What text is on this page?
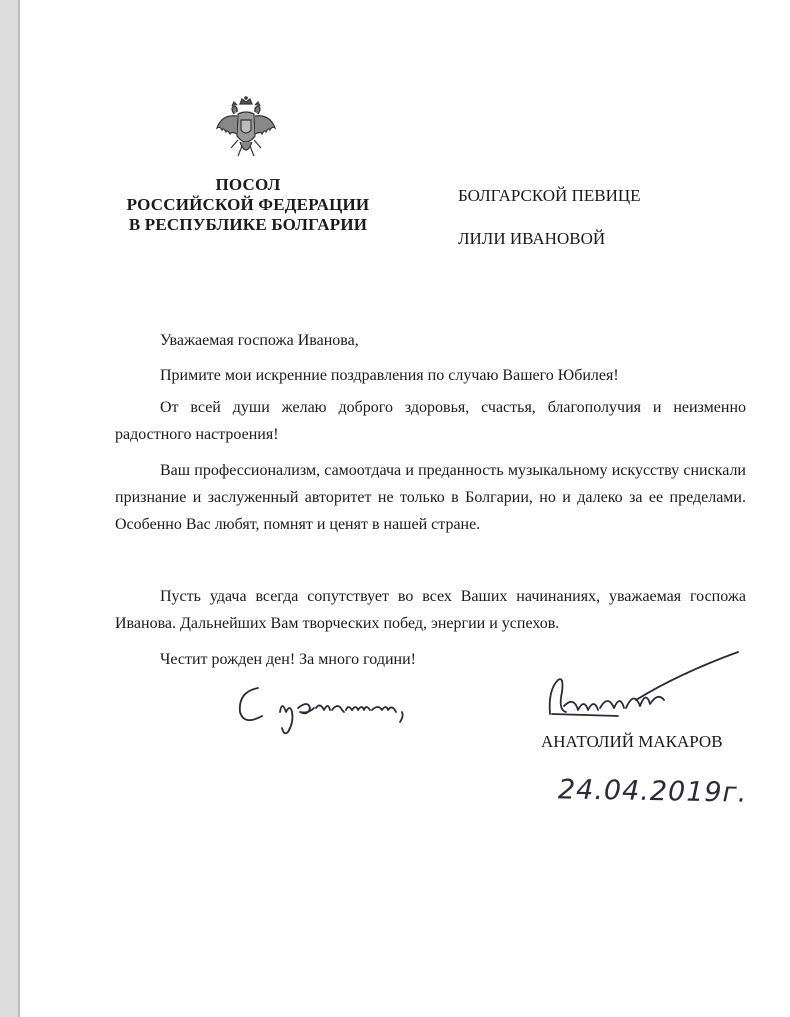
ПОСОЛ
РОССИЙСКОЙ ФЕДЕРАЦИИ
В РЕСПУБЛИКЕ БОЛГАРИИ
БОЛГАРСКОЙ ПЕВИЦЕ
ЛИЛИ ИВАНОВОЙ
Уважаемая госпожа Иванова,
Примите мои искренние поздравления по случаю Вашего Юбилея!
От всей души желаю доброго здоровья, счастья, благополучия и неизменно радостного настроения!
Ваш профессионализм, самоотдача и преданность музыкальному искусству снискали признание и заслуженный авторитет не только в Болгарии, но и далеко за ее пределами. Особенно Вас любят, помнят и ценят в нашей стране.
Пусть удача всегда сопутствует во всех Ваших начинаниях, уважаемая госпожа Иванова. Дальнейших Вам творческих побед, энергии и успехов.
Честит рожден ден! За много години!
АНАТОЛИЙ МАКАРОВ
24.04.2019г.
